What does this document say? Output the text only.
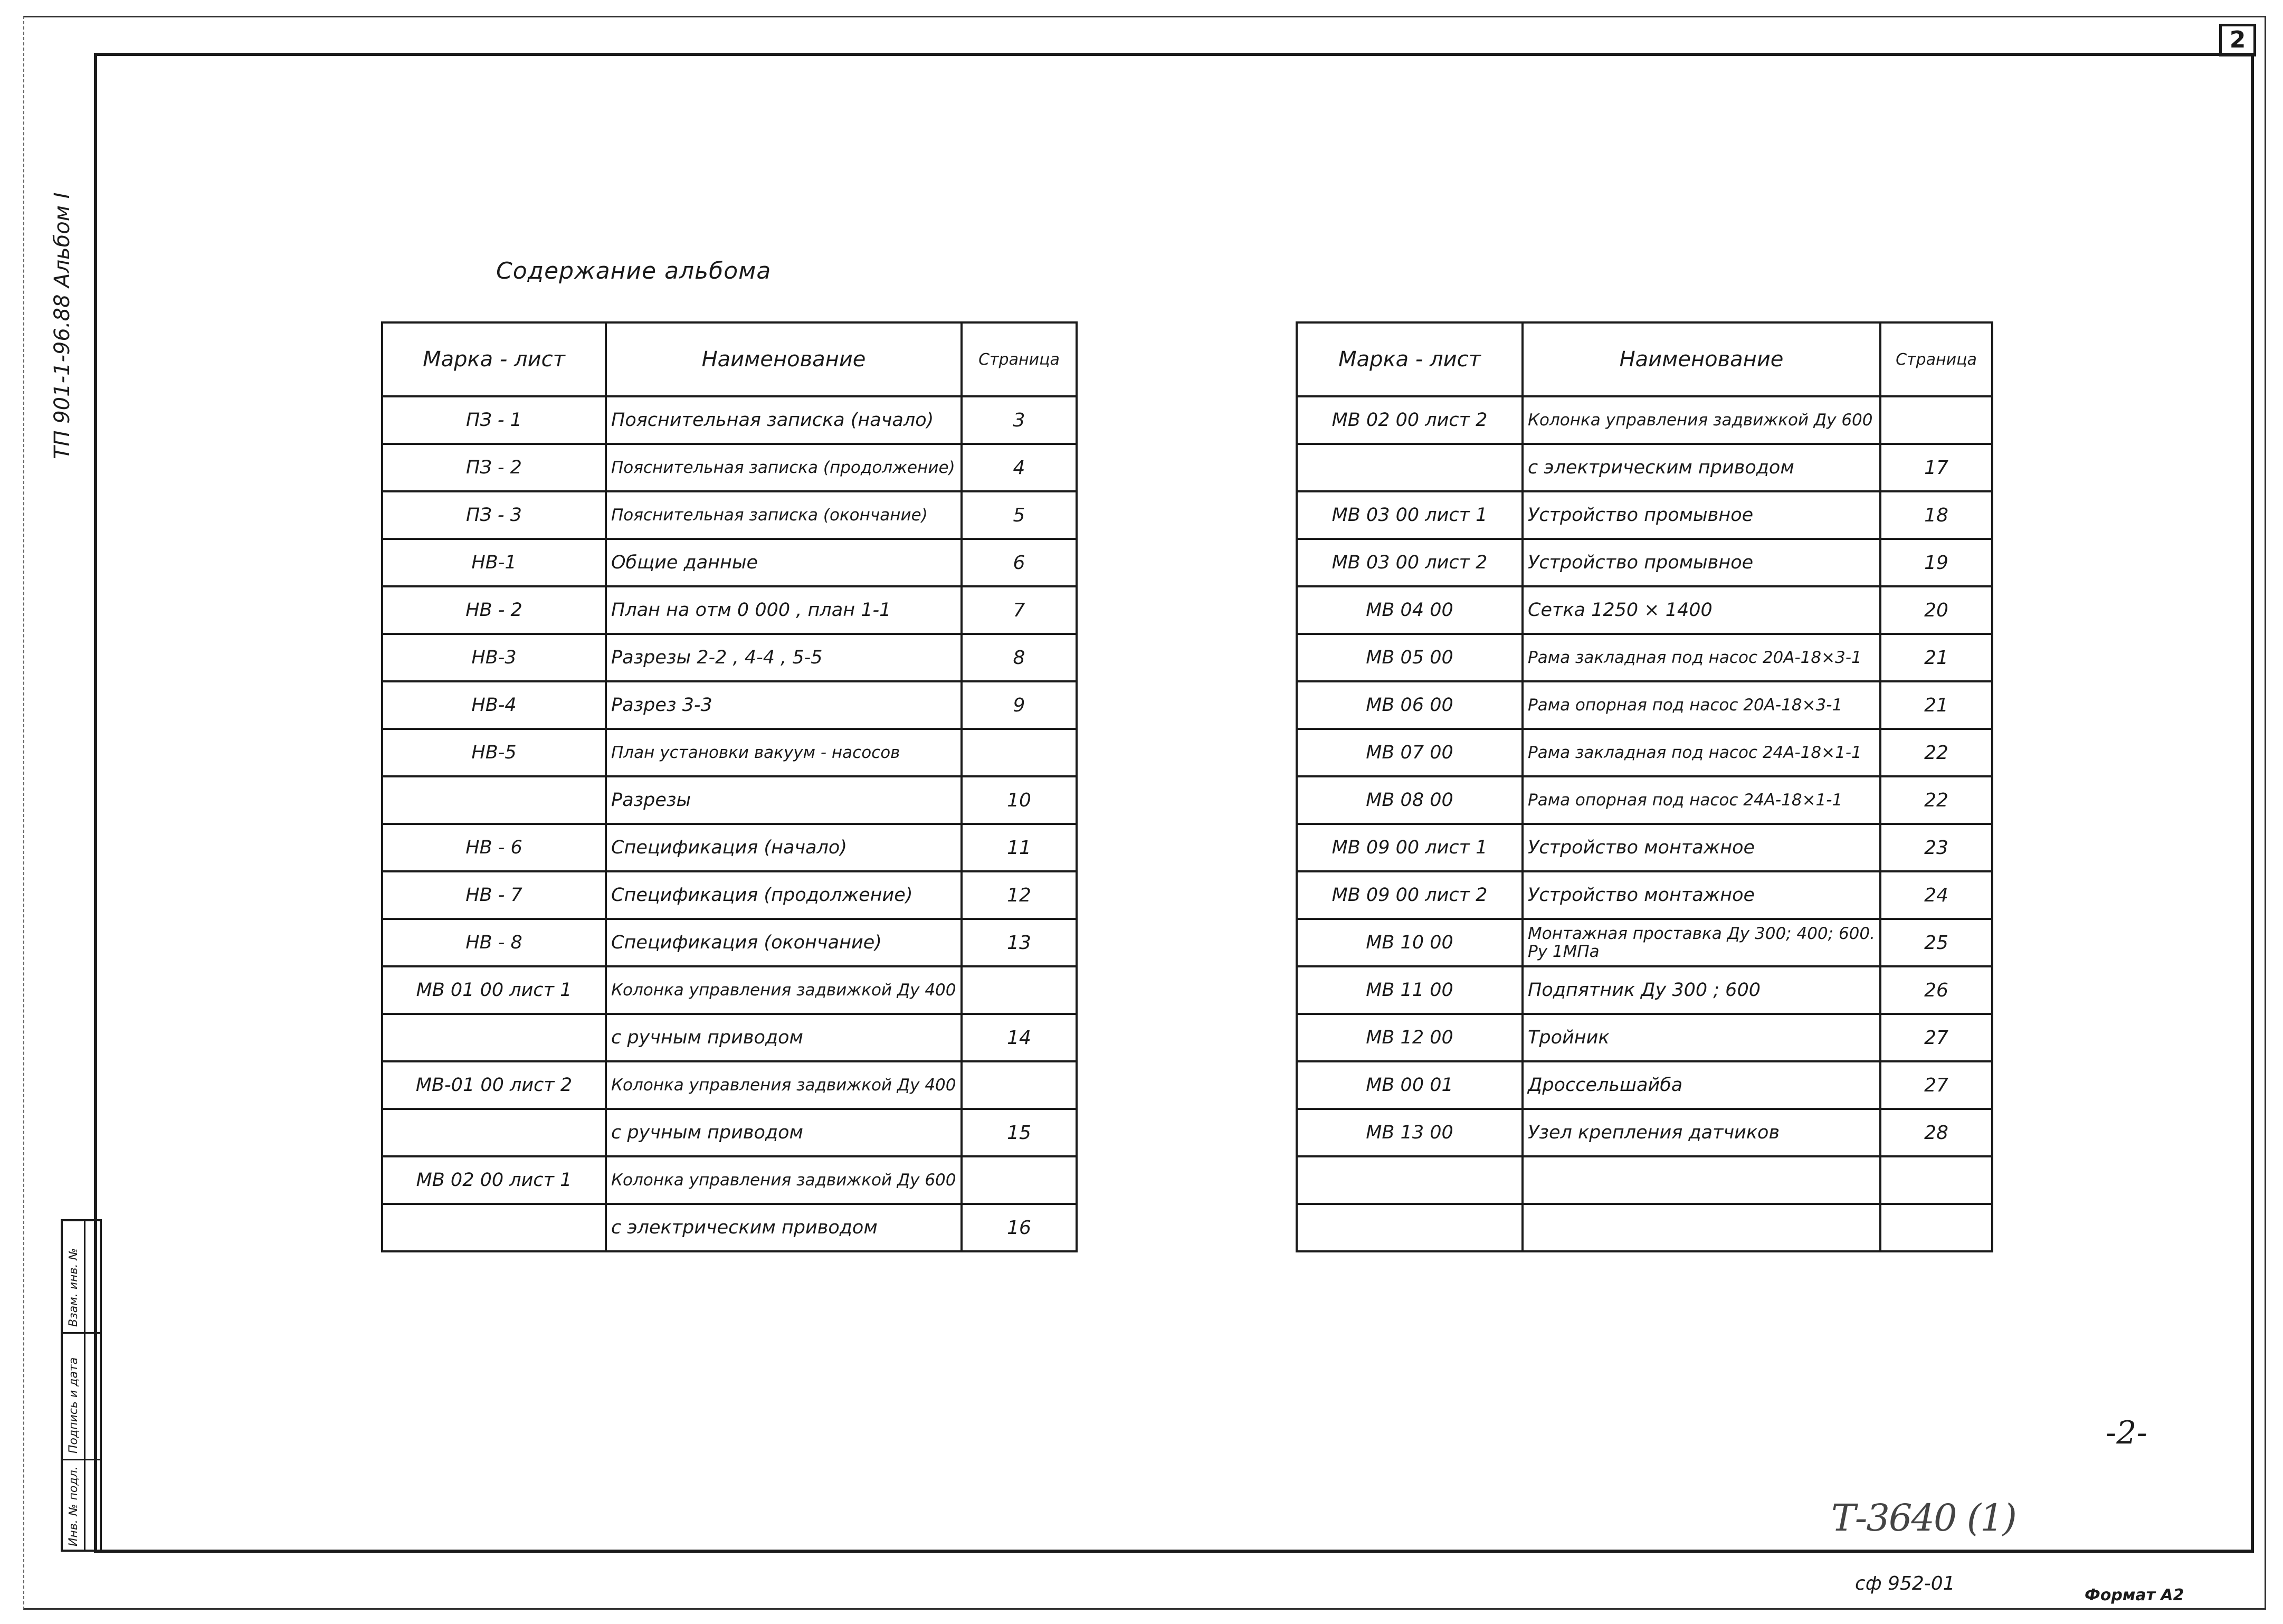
2
ТП 901-1-96.88 Альбом I
Взам. инв. №
Подпись и дата
Инв. № подл.
Содержание альбома
Марка - лист	Наименование	Страница
ПЗ - 1	Пояснительная записка (начало)	3
ПЗ - 2	Пояснительная записка (продолжение)	4
ПЗ - 3	Пояснительная записка (окончание)	5
НВ-1	Общие данные	6
НВ - 2	План на отм 0 000 , план 1-1	7
НВ-3	Разрезы 2-2 , 4-4 , 5-5	8
НВ-4	Разрез 3-3	9
НВ-5	План установки вакуум - насосов	
	Разрезы	10
НВ - 6	Спецификация (начало)	11
НВ - 7	Спецификация (продолжение)	12
НВ - 8	Спецификация (окончание)	13
МВ 01 00 лист 1	Колонка управления задвижкой Ду 400	
	с ручным приводом	14
МВ-01 00 лист 2	Колонка управления задвижкой Ду 400	
	с ручным приводом	15
МВ 02 00 лист 1	Колонка управления задвижкой Ду 600	
	с электрическим приводом	16
Марка - лист	Наименование	Страница
МВ 02 00 лист 2	Колонка управления задвижкой Ду 600	
	с электрическим приводом	17
МВ 03 00 лист 1	Устройство промывное	18
МВ 03 00 лист 2	Устройство промывное	19
МВ 04 00	Сетка 1250 × 1400	20
МВ 05 00	Рама закладная под насос 20А-18×3-1	21
МВ 06 00	Рама опорная под насос 20А-18×3-1	21
МВ 07 00	Рама закладная под насос 24А-18×1-1	22
МВ 08 00	Рама опорная под насос 24А-18×1-1	22
МВ 09 00 лист 1	Устройство монтажное	23
МВ 09 00 лист 2	Устройство монтажное	24
МВ 10 00	Монтажная проставка Ду 300; 400; 600. Ру 1МПа	25
МВ 11 00	Подпятник Ду 300 ; 600	26
МВ 12 00	Тройник	27
МВ 00 01	Дроссельшайба	27
МВ 13 00	Узел крепления датчиков	28

-2-
Т-3640 (1)
сф 952-01
Формат А2
